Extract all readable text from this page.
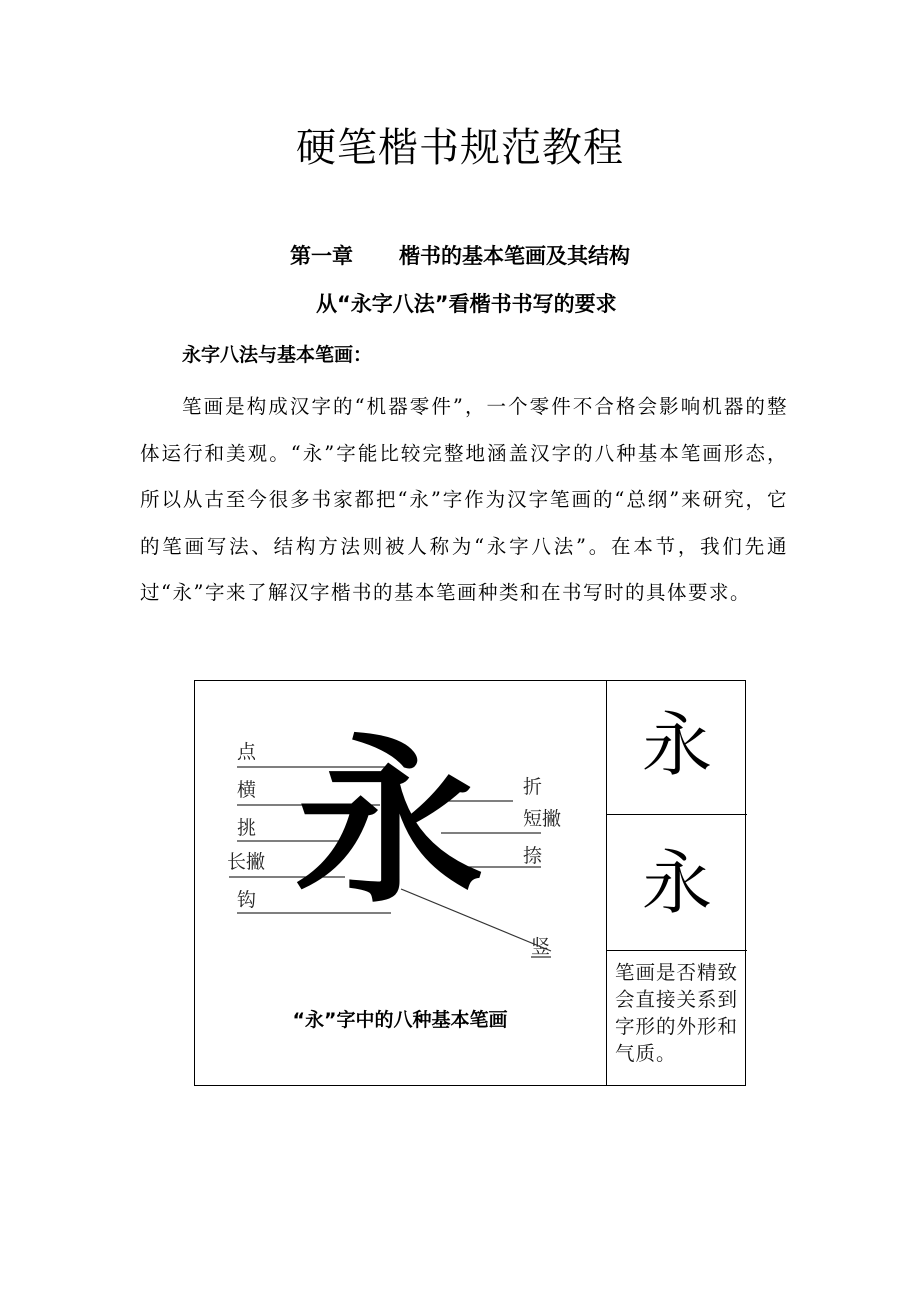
硬笔楷书规范教程
第一章 楷书的基本笔画及其结构
从“永字八法”看楷书书写的要求
永字八法与基本笔画：

笔画是构成汉字的“机器零件”，一个零件不合格会影响机器的整体运行和美观。“永”字能比较完整地涵盖汉字的八种基本笔画形态，所以从古至今很多书家都把“永”字作为汉字笔画的“总纲”来研究，它的笔画写法、结构方法则被人称为“永字八法”。在本节，我们先通过“永”字来了解汉字楷书的基本笔画种类和在书写时的具体要求。

永
点
横
挑
长撇
钩
折
短撇
捺
竖
“永”字中的八种基本笔画
永
永
笔画是否精致会直接关系到字形的外形和气质。
